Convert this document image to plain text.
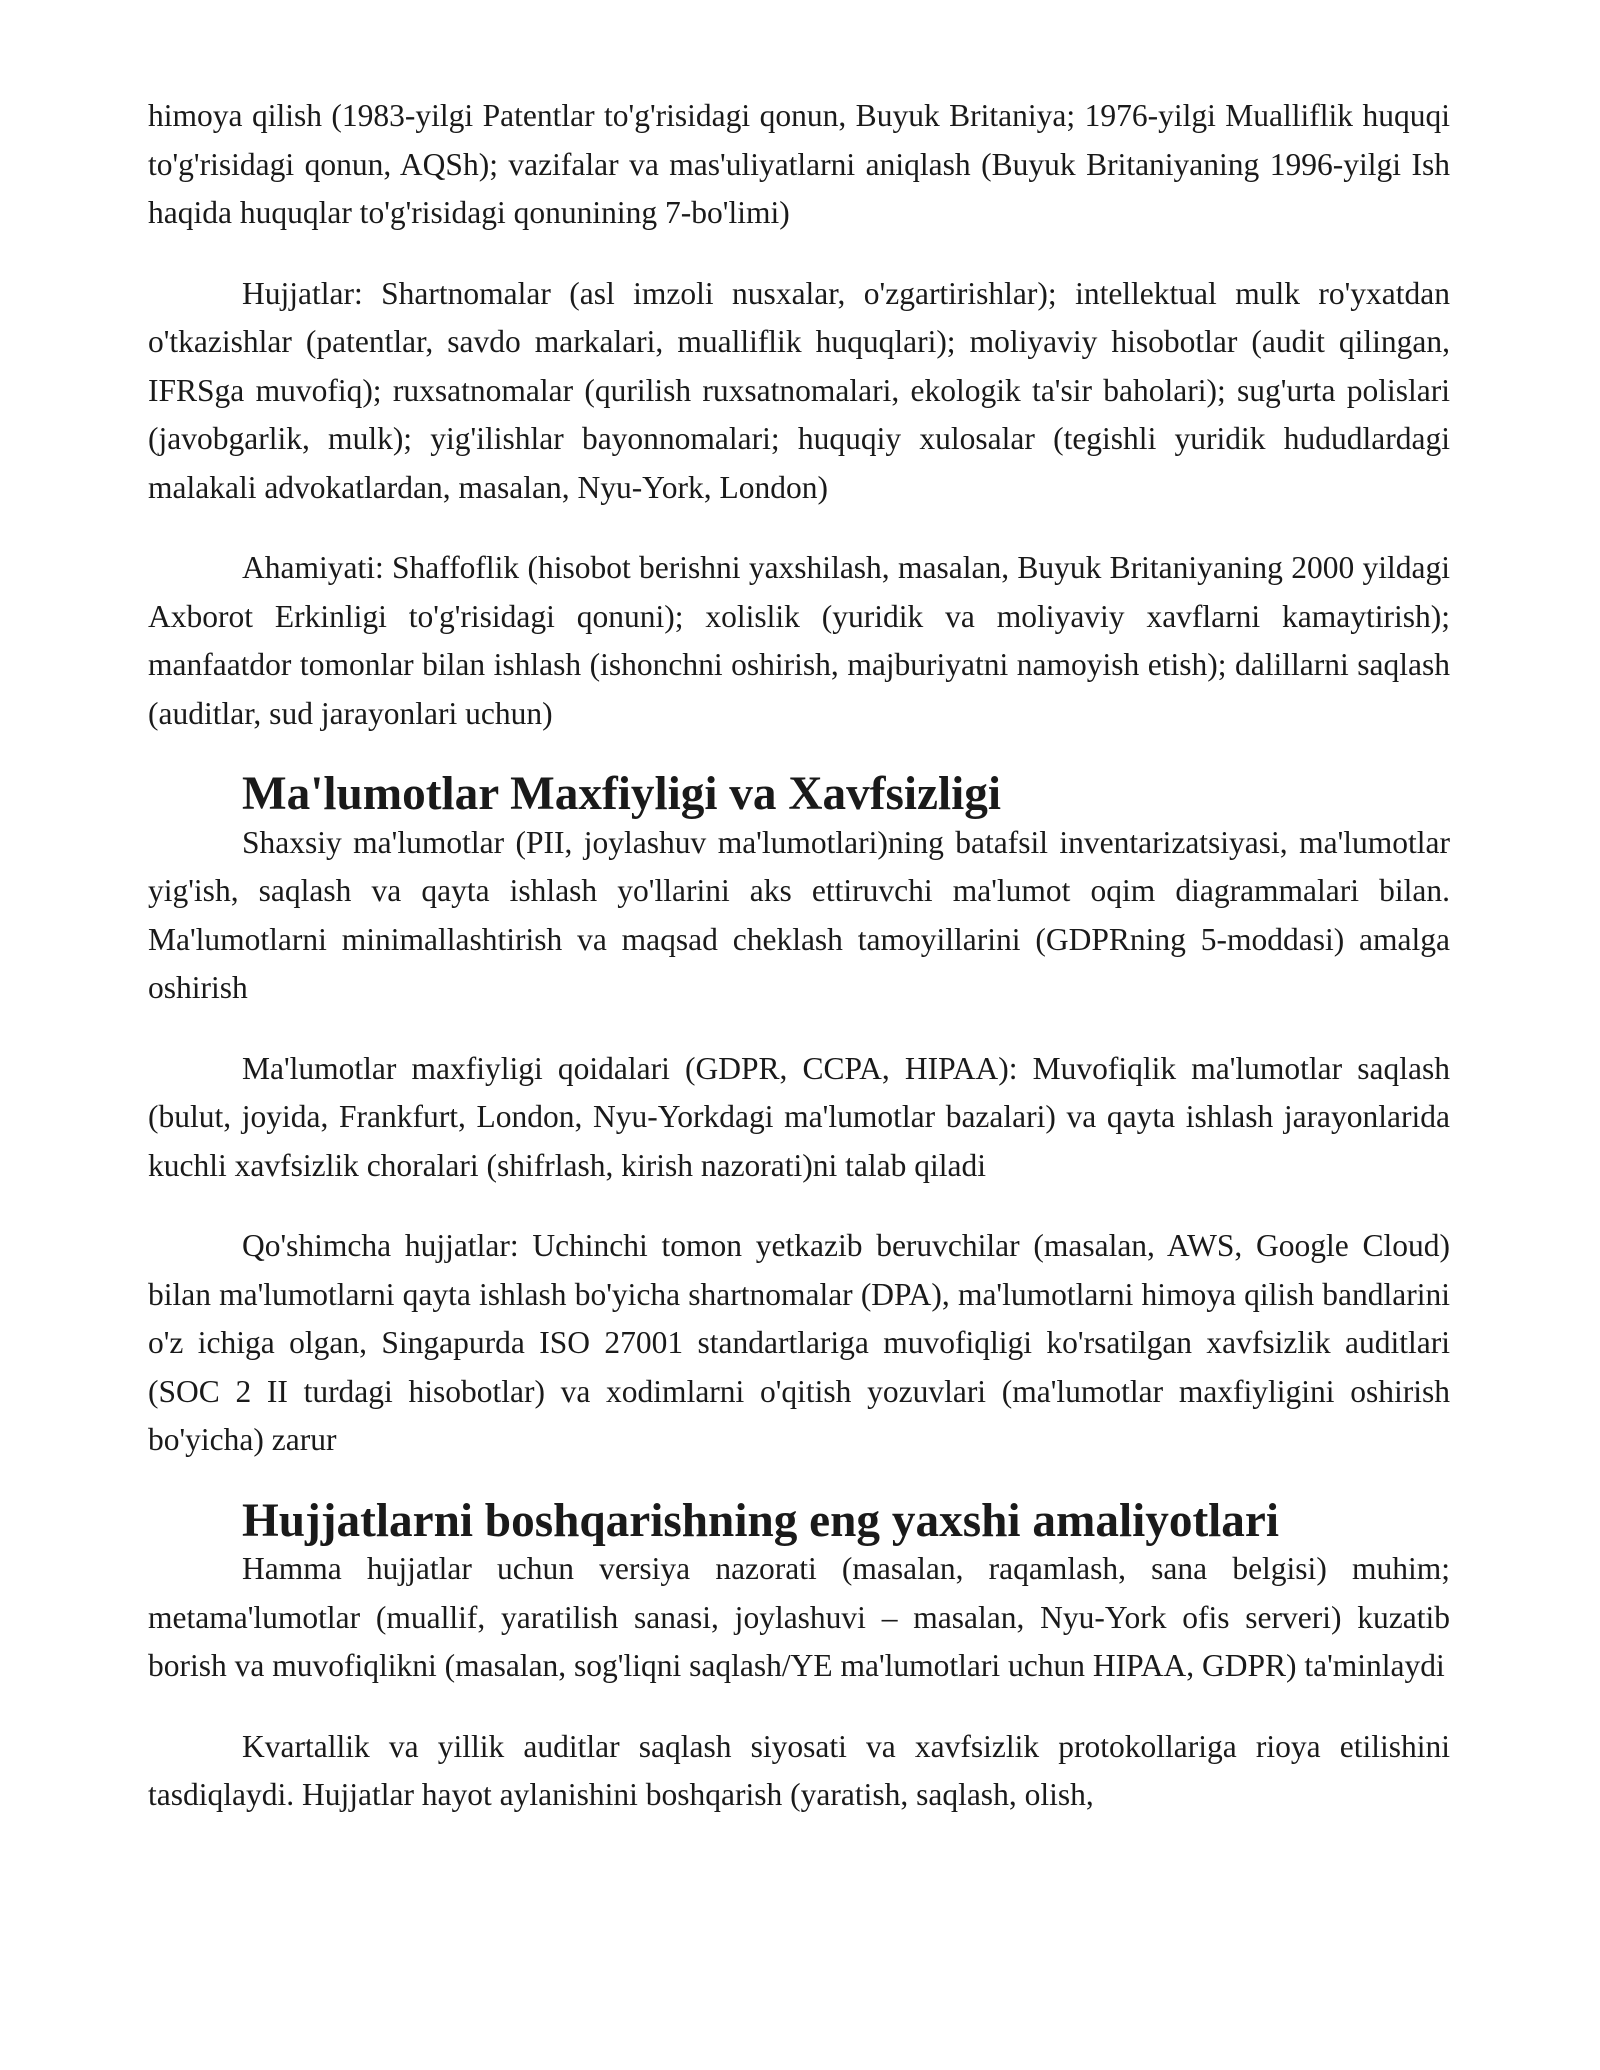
himoya qilish (1983-yilgi Patentlar to'g'risidagi qonun, Buyuk Britaniya; 1976-yilgi Mualliflik huquqi to'g'risidagi qonun, AQSh); vazifalar va mas'uliyatlarni aniqlash (Buyuk Britaniyaning 1996-yilgi Ish haqida huquqlar to'g'risidagi qonunining 7-bo'limi)

Hujjatlar: Shartnomalar (asl imzoli nusxalar, o'zgartirishlar); intellektual mulk ro'yxatdan o'tkazishlar (patentlar, savdo markalari, mualliflik huquqlari); moliyaviy hisobotlar (audit qilingan, IFRSga muvofiq); ruxsatnomalar (qurilish ruxsatnomalari, ekologik ta'sir baholari); sug'urta polislari (javobgarlik, mulk); yig'ilishlar bayonnomalari; huquqiy xulosalar (tegishli yuridik hududlardagi malakali advokatlardan, masalan, Nyu-York, London)

Ahamiyati: Shaffoflik (hisobot berishni yaxshilash, masalan, Buyuk Britaniyaning 2000 yildagi Axborot Erkinligi to'g'risidagi qonuni); xolislik (yuridik va moliyaviy xavflarni kamaytirish); manfaatdor tomonlar bilan ishlash (ishonchni oshirish, majburiyatni namoyish etish); dalillarni saqlash (auditlar, sud jarayonlari uchun)

Ma'lumotlar Maxfiyligi va Xavfsizligi

Shaxsiy ma'lumotlar (PII, joylashuv ma'lumotlari)ning batafsil inventarizatsiyasi, ma'lumotlar yig'ish, saqlash va qayta ishlash yo'llarini aks ettiruvchi ma'lumot oqim diagrammalari bilan. Ma'lumotlarni minimallashtirish va maqsad cheklash tamoyillarini (GDPRning 5-moddasi) amalga oshirish

Ma'lumotlar maxfiyligi qoidalari (GDPR, CCPA, HIPAA): Muvofiqlik ma'lumotlar saqlash (bulut, joyida, Frankfurt, London, Nyu-Yorkdagi ma'lumotlar bazalari) va qayta ishlash jarayonlarida kuchli xavfsizlik choralari (shifrlash, kirish nazorati)ni talab qiladi

Qo'shimcha hujjatlar: Uchinchi tomon yetkazib beruvchilar (masalan, AWS, Google Cloud) bilan ma'lumotlarni qayta ishlash bo'yicha shartnomalar (DPA), ma'lumotlarni himoya qilish bandlarini o'z ichiga olgan, Singapurda ISO 27001 standartlariga muvofiqligi ko'rsatilgan xavfsizlik auditlari (SOC 2 II turdagi hisobotlar) va xodimlarni o'qitish yozuvlari (ma'lumotlar maxfiyligini oshirish bo'yicha) zarur

Hujjatlarni boshqarishning eng yaxshi amaliyotlari

Hamma hujjatlar uchun versiya nazorati (masalan, raqamlash, sana belgisi) muhim; metama'lumotlar (muallif, yaratilish sanasi, joylashuvi – masalan, Nyu-York ofis serveri) kuzatib borish va muvofiqlikni (masalan, sog'liqni saqlash/YE ma'lumotlari uchun HIPAA, GDPR) ta'minlaydi

Kvartallik va yillik auditlar saqlash siyosati va xavfsizlik protokollariga rioya etilishini tasdiqlaydi. Hujjatlar hayot aylanishini boshqarish (yaratish, saqlash, olish,
